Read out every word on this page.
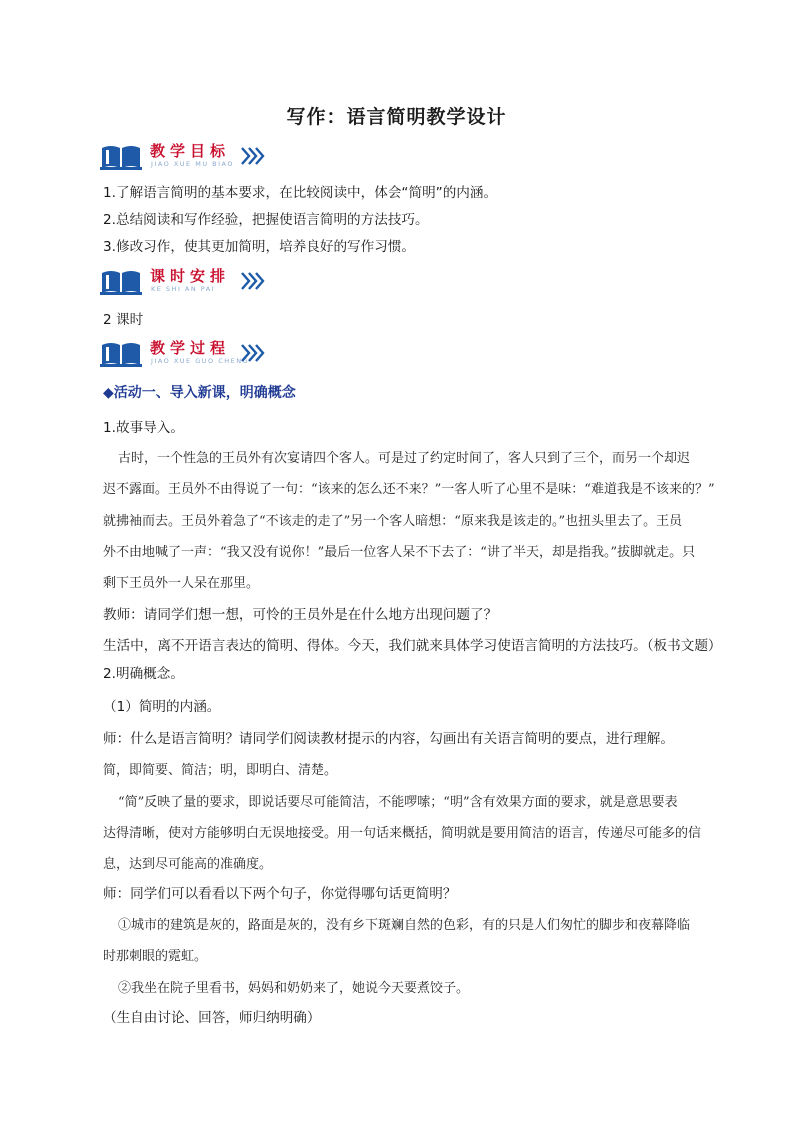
写作：语言简明教学设计
教学目标
JIAO XUE MU BIAO
1.了解语言简明的基本要求，在比较阅读中，体会“简明”的内涵。
2.总结阅读和写作经验，把握使语言简明的方法技巧。
3.修改习作，使其更加简明，培养良好的写作习惯。
课时安排
KE SHI AN PAI
2 课时
教学过程
JIAO XUE GUO CHENG
◆活动一、导入新课，明确概念
1.故事导入。
古时，一个性急的王员外有次宴请四个客人。可是过了约定时间了，客人只到了三个，而另一个却迟
迟不露面。王员外不由得说了一句：“该来的怎么还不来？”一客人听了心里不是味：“难道我是不该来的？”
就拂袖而去。王员外着急了“不该走的走了”另一个客人暗想：“原来我是该走的。”也扭头里去了。王员
外不由地喊了一声：“我又没有说你！”最后一位客人呆不下去了：“讲了半天，却是指我。”拔脚就走。只
剩下王员外一人呆在那里。
教师：请同学们想一想，可怜的王员外是在什么地方出现问题了？
生活中，离不开语言表达的简明、得体。今天，我们就来具体学习使语言简明的方法技巧。（板书文题）
2.明确概念。
（1）简明的内涵。
师：什么是语言简明？请同学们阅读教材提示的内容，勾画出有关语言简明的要点，进行理解。
简，即简要、简洁；明，即明白、清楚。
“简”反映了量的要求，即说话要尽可能简洁，不能啰嗦；“明”含有效果方面的要求，就是意思要表
达得清晰，使对方能够明白无误地接受。用一句话来概括，简明就是要用简洁的语言，传递尽可能多的信
息，达到尽可能高的准确度。
师：同学们可以看看以下两个句子，你觉得哪句话更简明？
①城市的建筑是灰的，路面是灰的，没有乡下斑斓自然的色彩，有的只是人们匆忙的脚步和夜幕降临
时那刺眼的霓虹。
②我坐在院子里看书，妈妈和奶奶来了，她说今天要煮饺子。
（生自由讨论、回答，师归纳明确）
